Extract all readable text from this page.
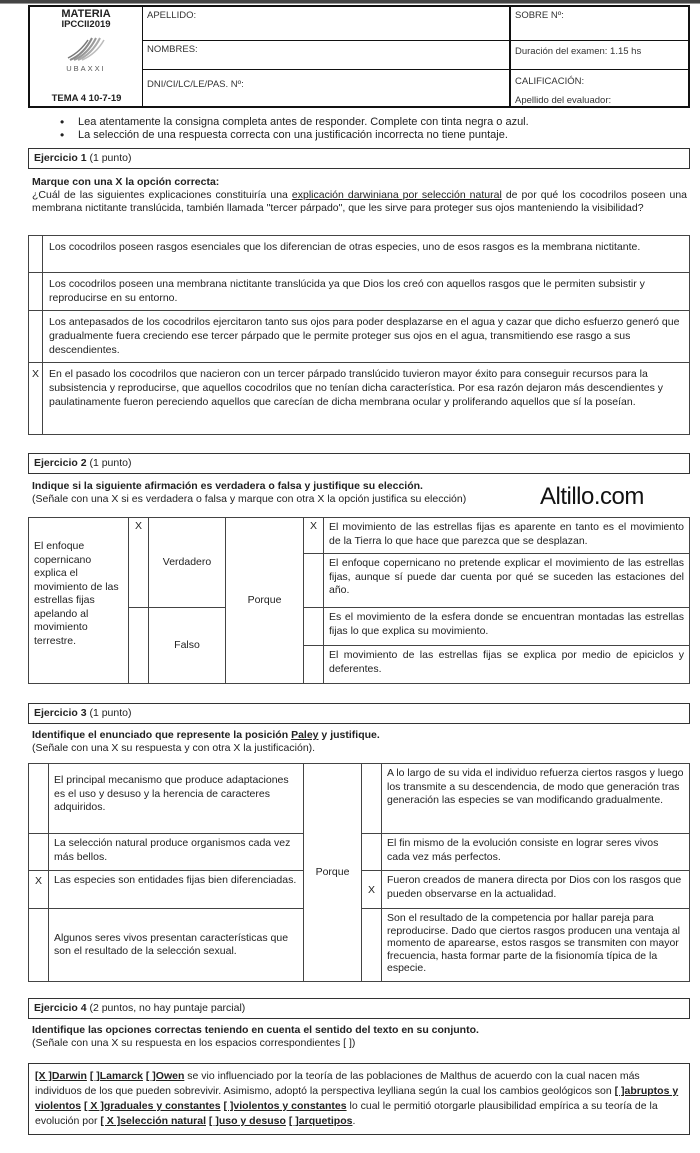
MATERIA
IPCCII2019
UBAXXI
TEMA 4 10-7-19
APELLIDO:
NOMBRES:
DNI/CI/LC/LE/PAS. Nº:
SOBRE Nº:
Duración del examen: 1.15 hs
CALIFICACIÓN:
Apellido del evaluador:
• Lea atentamente la consigna completa antes de responder. Complete con tinta negra o azul.
• La selección de una respuesta correcta con una justificación incorrecta no tiene puntaje.
Ejercicio 1 (1 punto)
Marque con una X la opción correcta:

¿Cuál de las siguientes explicaciones constituiría una explicación darwiniana por selección natural de por qué los cocodrilos poseen una membrana nictitante translúcida, también llamada "tercer párpado", que les sirve para proteger sus ojos manteniendo la visibilidad?

	Los cocodrilos poseen rasgos esenciales que los diferencian de otras especies, uno de esos rasgos es la membrana nictitante.
	Los cocodrilos poseen una membrana nictitante translúcida ya que Dios los creó con aquellos rasgos que le permiten subsistir y reproducirse en su entorno.
	Los antepasados de los cocodrilos ejercitaron tanto sus ojos para poder desplazarse en el agua y cazar que dicho esfuerzo generó que gradualmente fuera creciendo ese tercer párpado que le permite proteger sus ojos en el agua, transmitiendo ese rasgo a sus descendientes.
X	En el pasado los cocodrilos que nacieron con un tercer párpado translúcido tuvieron mayor éxito para conseguir recursos para la subsistencia y reproducirse, que aquellos cocodrilos que no tenían dicha característica. Por esa razón dejaron más descendientes y paulatinamente fueron pereciendo aquellos que carecían de dicha membrana ocular y proliferando aquellos que sí la poseían.
Ejercicio 2 (1 punto)
Indique si la siguiente afirmación es verdadera o falsa y justifique su elección.
(Señale con una X si es verdadera o falsa y marque con otra X la opción justifica su elección)	Altillo.com
El enfoque copernicano explica el movimiento de las estrellas fijas apelando al movimiento terrestre.	X	Verdadero	Porque	X	El movimiento de las estrellas fijas es aparente en tanto es el movimiento de la Tierra lo que hace que parezca que se desplazan.
					El enfoque copernicano no pretende explicar el movimiento de las estrellas fijas, aunque sí puede dar cuenta por qué se suceden las estaciones del año.
		Falso			Es el movimiento de la esfera donde se encuentran montadas las estrellas fijas lo que explica su movimiento.
					El movimiento de las estrellas fijas se explica por medio de epiciclos y deferentes.
Ejercicio 3 (1 punto)
Identifique el enunciado que represente la posición Paley y justifique.
(Señale con una X su respuesta y con otra X la justificación).
	El principal mecanismo que produce adaptaciones es el uso y desuso y la herencia de caracteres adquiridos.	Porque		A lo largo de su vida el individuo refuerza ciertos rasgos y luego los transmite a su descendencia, de modo que generación tras generación las especies se van modificando gradualmente.
	La selección natural produce organismos cada vez más bellos.			El fin mismo de la evolución consiste en lograr seres vivos cada vez más perfectos.
X	Las especies son entidades fijas bien diferenciadas.		X	Fueron creados de manera directa por Dios con los rasgos que pueden observarse en la actualidad.
	Algunos seres vivos presentan características que son el resultado de la selección sexual.			Son el resultado de la competencia por hallar pareja para reproducirse. Dado que ciertos rasgos producen una ventaja al momento de aparearse, estos rasgos se transmiten con mayor frecuencia, hasta formar parte de la fisionomía típica de la especie.
Ejercicio 4 (2 puntos, no hay puntaje parcial)
Identifique las opciones correctas teniendo en cuenta el sentido del texto en su conjunto.
(Señale con una X su respuesta en los espacios correspondientes [ ])
[X ]Darwin [ ]Lamarck [ ]Owen se vio influenciado por la teoría de las poblaciones de Malthus de acuerdo con la cual nacen más individuos de los que pueden sobrevivir. Asimismo, adoptó la perspectiva leylliana según la cual los cambios geológicos son [ ]abruptos y violentos [ X ]graduales y constantes [ ]violentos y constantes lo cual le permitió otorgarle plausibilidad empírica a su teoría de la evolución por [ X ]selección natural [ ]uso y desuso [ ]arquetipos.
